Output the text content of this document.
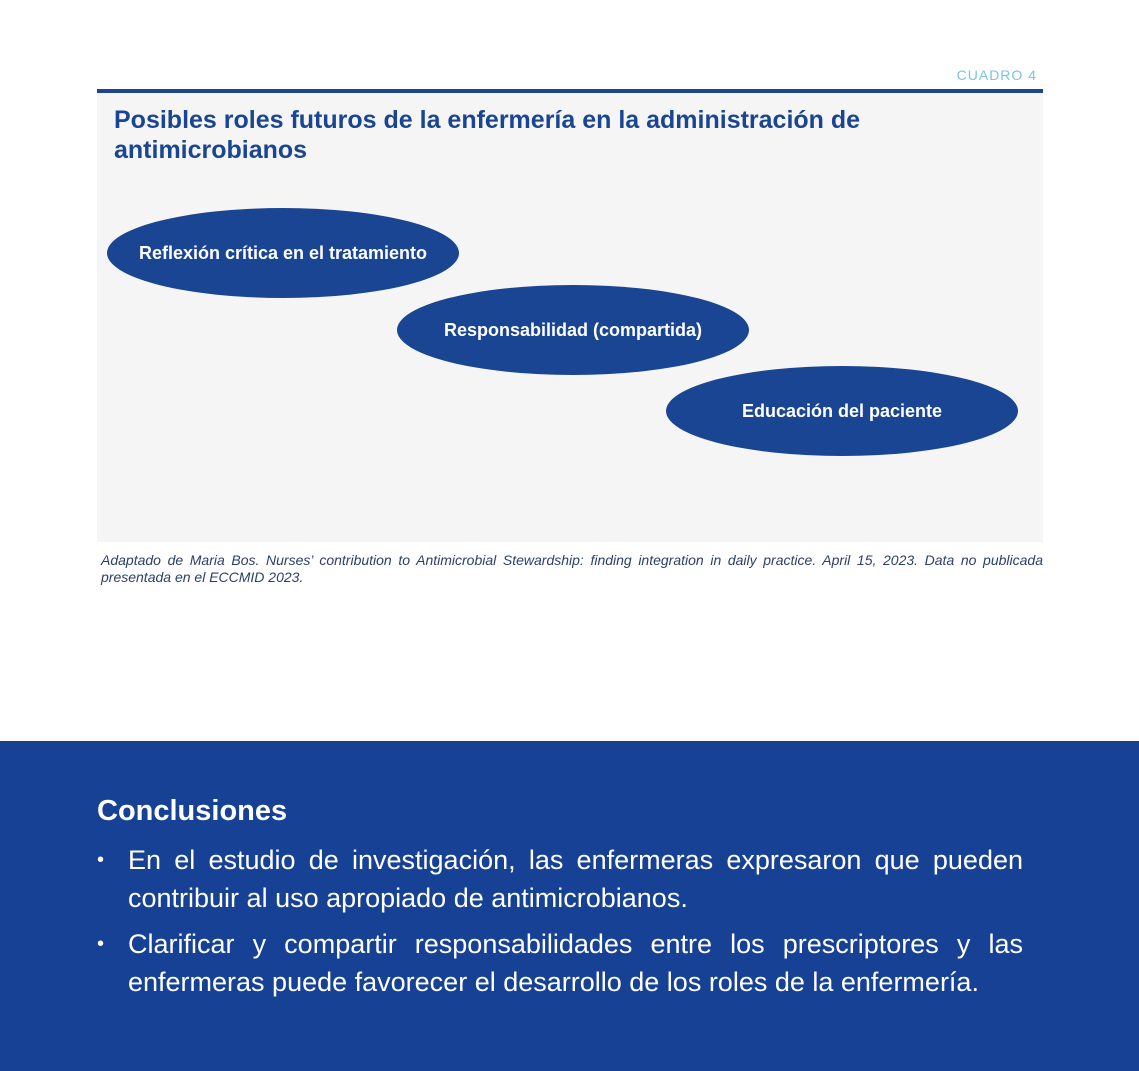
CUADRO 4
Posibles roles futuros de la enfermería en la administración de antimicrobianos
Reflexión crítica en el tratamiento
Responsabilidad (compartida)
Educación del paciente

Adaptado de Maria Bos. Nurses’ contribution to Antimicrobial Stewardship: finding integration in daily practice. April 15, 2023. Data no publicada presentada en el ECCMID 2023.

Conclusiones
• En el estudio de investigación, las enfermeras expresaron que pueden contribuir al uso apropiado de antimicrobianos.
• Clarificar y compartir responsabilidades entre los prescriptores y las enfermeras puede favorecer el desarrollo de los roles de la enfermería.
